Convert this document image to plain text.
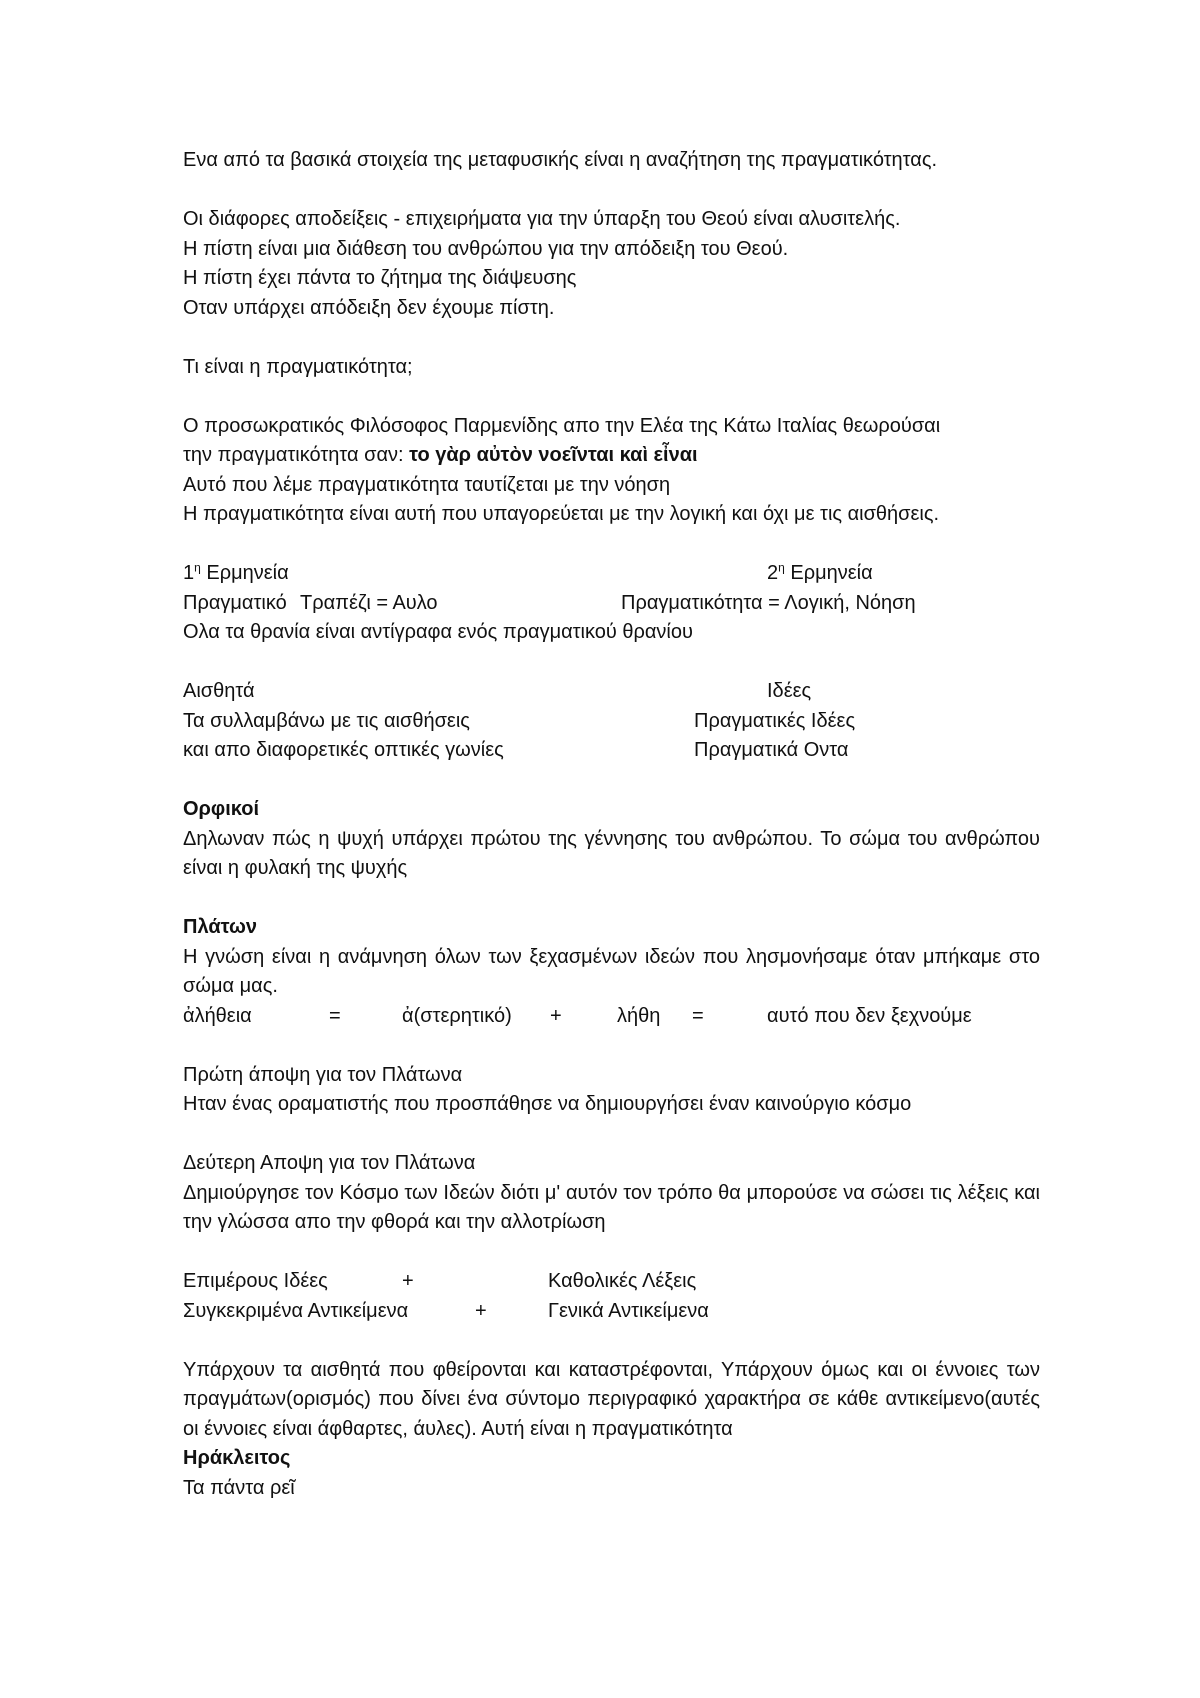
Ενα από τα βασικά στοιχεία της μεταφυσικής είναι η αναζήτηση της πραγματικότητας.

Οι διάφορες αποδείξεις - επιχειρήματα για την ύπαρξη του Θεού είναι αλυσιτελής.

Η πίστη είναι μια διάθεση του ανθρώπου για την απόδειξη του Θεού.

Η πίστη έχει πάντα το ζήτημα της διάψευσης

Οταν υπάρχει απόδειξη δεν έχουμε πίστη.

Τι είναι η πραγματικότητα;

Ο προσωκρατικός Φιλόσοφος Παρμενίδης απο την Ελέα της Κάτω Ιταλίας θεωρούσαι

την πραγματικότητα σαν: το γὰρ αὐτὸν νοεῖνται καὶ εἶναι

Αυτό που λέμε πραγματικότητα ταυτίζεται με την νόηση

Η πραγματικότητα είναι αυτή που υπαγορεύεται με την λογική και όχι με τις αισθήσεις.

$1^\eta$ Ερμηνεία	$2^\eta$ Ερμηνεία
Πραγματικό Τραπέζι = Αυλο	Πραγματικότητα = Λογική, Νόηση

Ολα τα θρανία είναι αντίγραφα ενός πραγματικού θρανίου

Αισθητά	Ιδέες
Τα συλλαμβάνω με τις αισθήσεις	Πραγματικές Ιδέες
και απο διαφορετικές οπτικές γωνίες	Πραγματικά Οντα

Ορφικοί

Δηλωναν πώς η ψυχή υπάρχει πρώτου της γέννησης του ανθρώπου. Το σώμα του ανθρώπου είναι η φυλακή της ψυχής

Πλάτων

Η γνώση είναι η ανάμνηση όλων των ξεχασμένων ιδεών που λησμονήσαμε όταν μπήκαμε στο σώμα μας.

ἀλήθεια	=	ἀ(στερητικό) +	λήθη =	αυτό που δεν ξεχνούμε

Πρώτη άποψη για τον Πλάτωνα

Ηταν ένας οραματιστής που προσπάθησε να δημιουργήσει έναν καινούργιο κόσμο

Δεύτερη Αποψη για τον Πλάτωνα

Δημιούργησε τον Κόσμο των Ιδεών διότι μ' αυτόν τον τρόπο θα μπορούσε να σώσει τις λέξεις και την γλώσσα απο την φθορά και την αλλοτρίωση

Επιμέρους Ιδέες	+	Καθολικές Λέξεις
Συγκεκριμένα Αντικείμενα	+	Γενικά Αντικείμενα

Υπάρχουν τα αισθητά που φθείρονται και καταστρέφονται, Υπάρχουν όμως και οι έννοιες των πραγμάτων(ορισμός) που δίνει ένα σύντομο περιγραφικό χαρακτήρα σε κάθε αντικείμενο(αυτές οι έννοιες είναι άφθαρτες, άυλες). Αυτή είναι η πραγματικότητα

Ηράκλειτος

Τα πάντα ρεῖ
